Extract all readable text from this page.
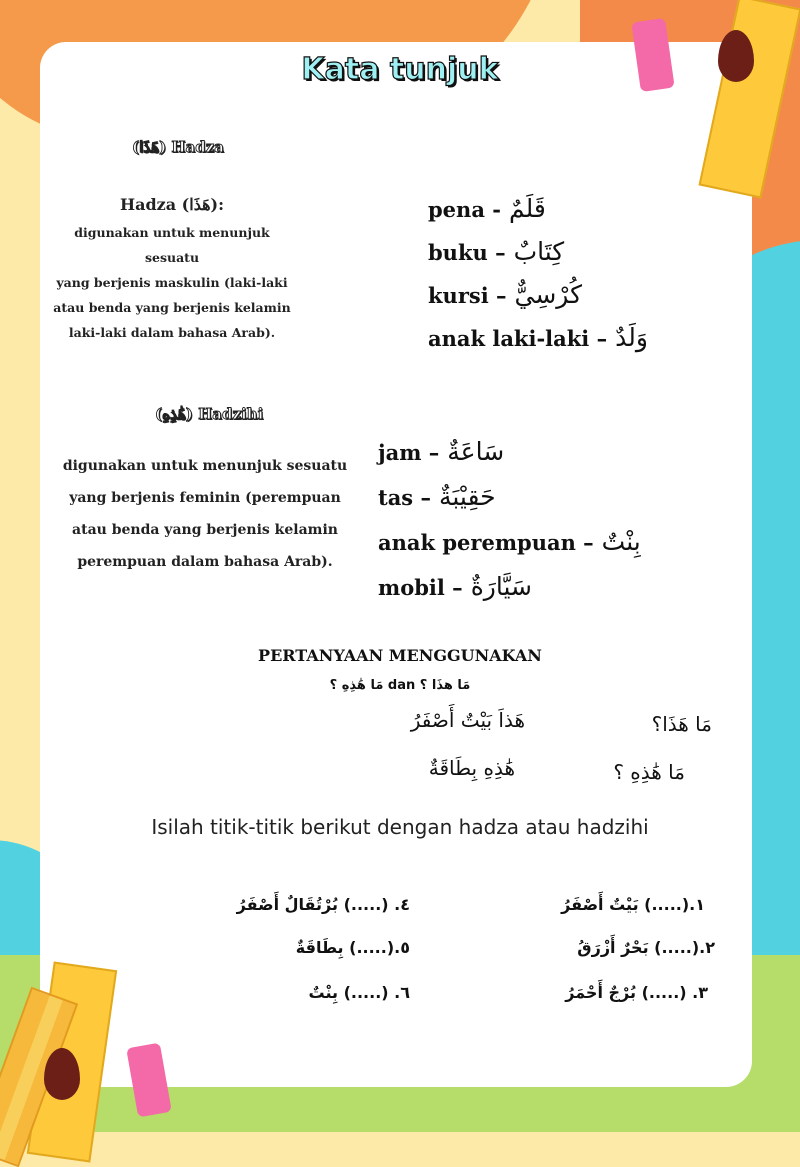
Kata tunjuk
(هَذَا) Hadza
Hadza (هَذَا):
digunakan untuk menunjuk sesuatu
yang berjenis maskulin (laki-laki
atau benda yang berjenis kelamin
laki-laki dalam bahasa Arab).
pena - قَلَمٌ
buku – كِتَابٌ
kursi – كُرْسِيٌّ
anak laki-laki – وَلَدٌ
(هَٰذِهِ) Hadzihi
digunakan untuk menunjuk sesuatu
yang berjenis feminin (perempuan
atau benda yang berjenis kelamin
perempuan dalam bahasa Arab).
jam – سَاعَةٌ
tas – حَقِيْبَةٌ
anak perempuan – بِنْتٌ
mobil – سَيَّارَةٌ
PERTANYAAN MENGGUNAKAN
مَا هَٰذِهِ ؟ dan مَا هذَا ؟
مَا هَذَا؟
هَذاَ بَيْتٌ أَصْفَرُ
مَا هَٰذِهِ ؟
هَٰذِهِ بِطَاقَةٌ
Isilah titik-titik berikut dengan hadza atau hadzihi
١.(.....) بَيْتٌ أَصْفَرُ
٢.(.....) بَحْرٌ أَزْرَقُ
٣. (.....) بُرْجٌ أَحْمَرُ
٤. (.....) بُرْتُقَالٌ أَصْفَرُ
٥.(.....) بِطَاقَةٌ
٦. (.....) بِنْتٌ
